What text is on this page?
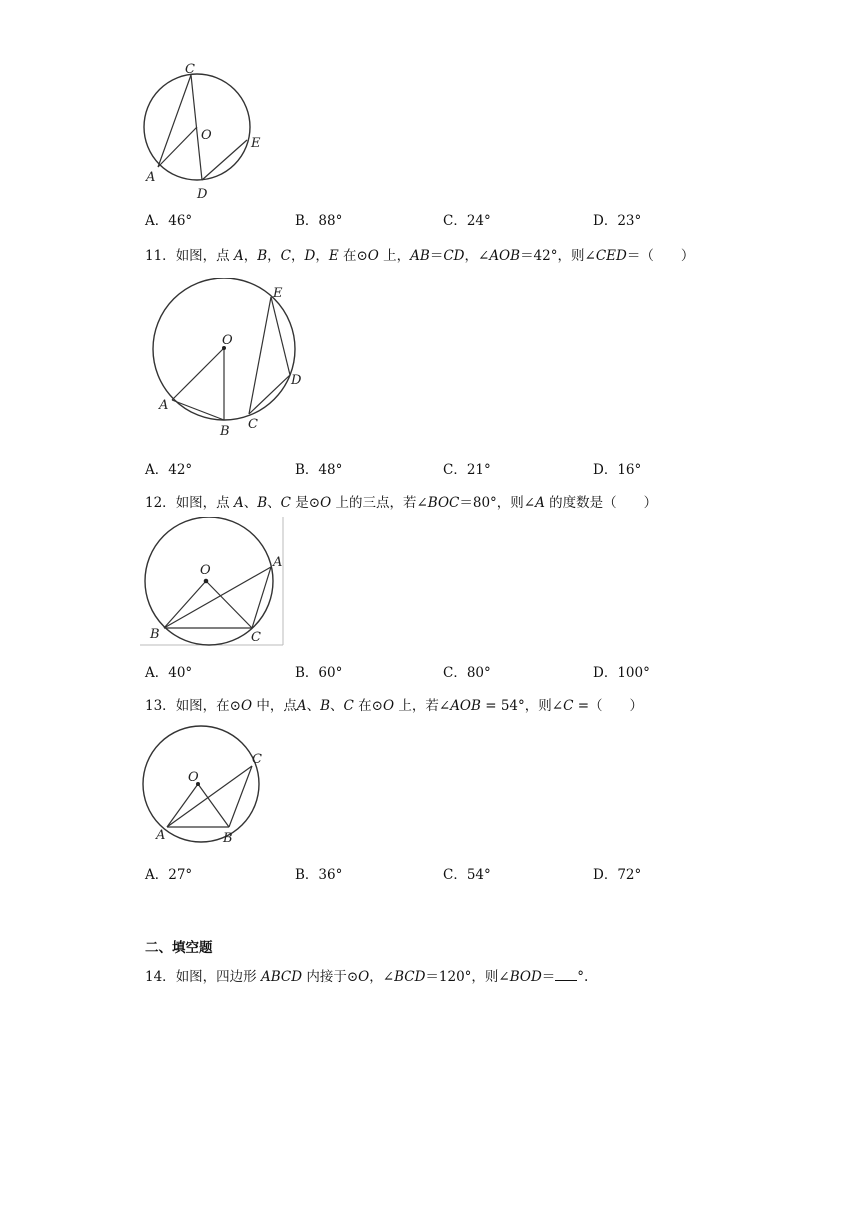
C
O
E
A
D
A．46°	B．88°	C．24°	D．23°
11．如图，点 A，B，C，D，E 在⊙O 上，AB＝CD，∠AOB＝42°，则∠CED＝（　　）
E
O
D
A
B C
A．42°	B．48°	C．21°	D．16°
12．如图，点 A、B、C 是⊙O 上的三点，若∠BOC＝80°，则∠A 的度数是（　　）
O
A
B	C
A．40°	B．60°	C．80°	D．100°
13．如图，在⊙O 中，点A、B、C 在⊙O 上，若∠AOB = 54°，则∠C =（　　）
O
C
A	B
A．27°	B．36°	C．54°	D．72°
二、填空题
14．如图，四边形 ABCD 内接于⊙O，∠BCD＝120°，则∠BOD＝ °.
